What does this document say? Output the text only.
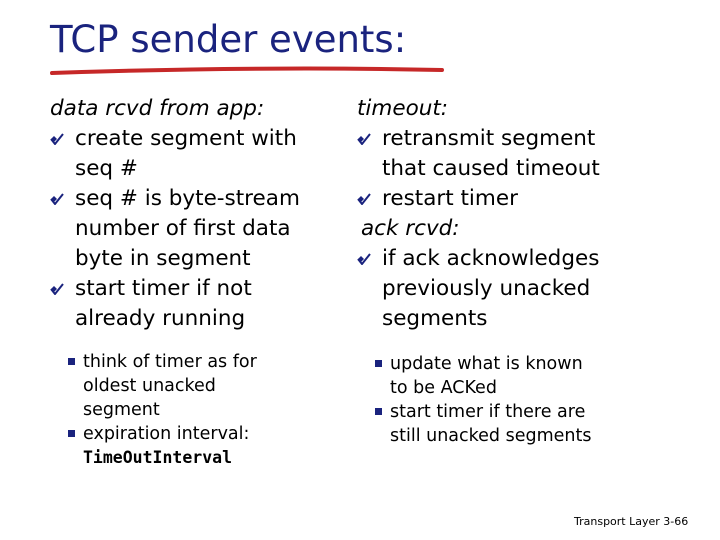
TCP sender events:
data rcvd from app:
create segment with
seq #
seq # is byte-stream
number of first data
byte in segment
start timer if not
already running
think of timer as for
oldest unacked
segment
expiration interval:
TimeOutInterval
timeout:
retransmit segment
that caused timeout
restart timer
ack rcvd:
if ack acknowledges
previously unacked
segments
update what is known
to be ACKed
start timer if there are
still unacked segments
Transport Layer 3-66
